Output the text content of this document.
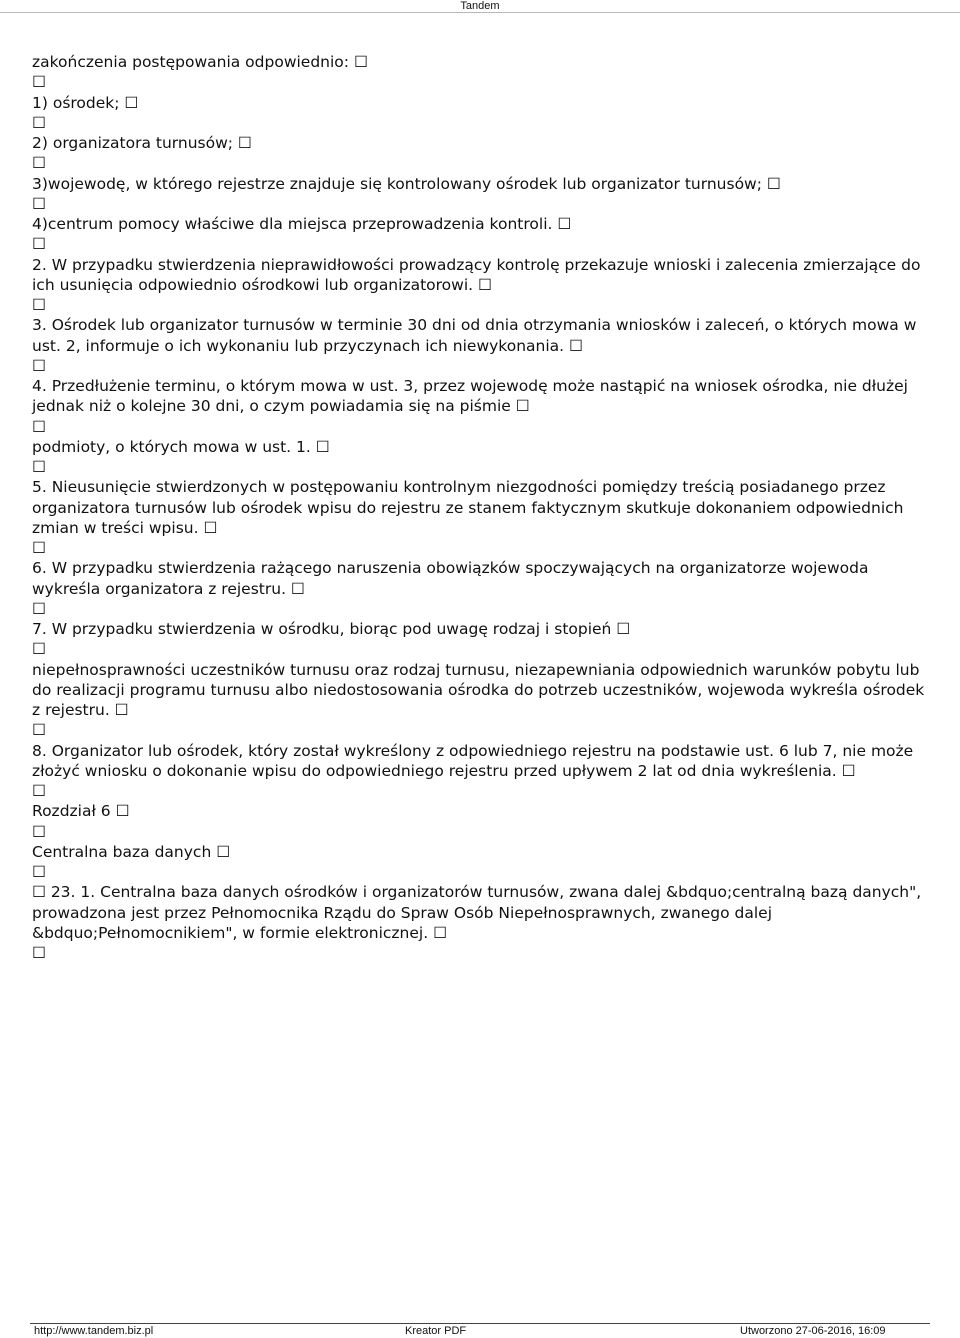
Tandem

zakończenia postępowania odpowiednio: ☐

☐

1) ośrodek; ☐

☐

2) organizatora turnusów; ☐

☐

3)wojewodę, w którego rejestrze znajduje się kontrolowany ośrodek lub organizator turnusów; ☐

☐

4)centrum pomocy właściwe dla miejsca przeprowadzenia kontroli. ☐

☐

2. W przypadku stwierdzenia nieprawidłowości prowadzący kontrolę przekazuje wnioski i zalecenia zmierzające do ich usunięcia odpowiednio ośrodkowi lub organizatorowi. ☐

☐

3. Ośrodek lub organizator turnusów w terminie 30 dni od dnia otrzymania wniosków i zaleceń, o których mowa w ust. 2, informuje o ich wykonaniu lub przyczynach ich niewykonania. ☐

☐

4. Przedłużenie terminu, o którym mowa w ust. 3, przez wojewodę może nastąpić na wniosek ośrodka, nie dłużej jednak niż o kolejne 30 dni, o czym powiadamia się na piśmie ☐

☐

podmioty, o których mowa w ust. 1. ☐

☐

5. Nieusunięcie stwierdzonych w postępowaniu kontrolnym niezgodności pomiędzy treścią posiadanego przez organizatora turnusów lub ośrodek wpisu do rejestru ze stanem faktycznym skutkuje dokonaniem odpowiednich zmian w treści wpisu. ☐

☐

6. W przypadku stwierdzenia rażącego naruszenia obowiązków spoczywających na organizatorze wojewoda wykreśla organizatora z rejestru. ☐

☐

7. W przypadku stwierdzenia w ośrodku, biorąc pod uwagę rodzaj i stopień ☐

☐

niepełnosprawności uczestników turnusu oraz rodzaj turnusu, niezapewniania odpowiednich warunków pobytu lub do realizacji programu turnusu albo niedostosowania ośrodka do potrzeb uczestników, wojewoda wykreśla ośrodek z rejestru. ☐

☐

8. Organizator lub ośrodek, który został wykreślony z odpowiedniego rejestru na podstawie ust. 6 lub 7, nie może złożyć wniosku o dokonanie wpisu do odpowiedniego rejestru przed upływem 2 lat od dnia wykreślenia. ☐

☐

Rozdział 6 ☐

☐

Centralna baza danych ☐

☐

☐ 23. 1. Centralna baza danych ośrodków i organizatorów turnusów, zwana dalej &bdquo;centralną bazą danych", prowadzona jest przez Pełnomocnika Rządu do Spraw Osób Niepełnosprawnych, zwanego dalej &bdquo;Pełnomocnikiem", w formie elektronicznej. ☐

☐

http://www.tandem.biz.pl	Kreator PDF	Utworzono 27-06-2016, 16:09
